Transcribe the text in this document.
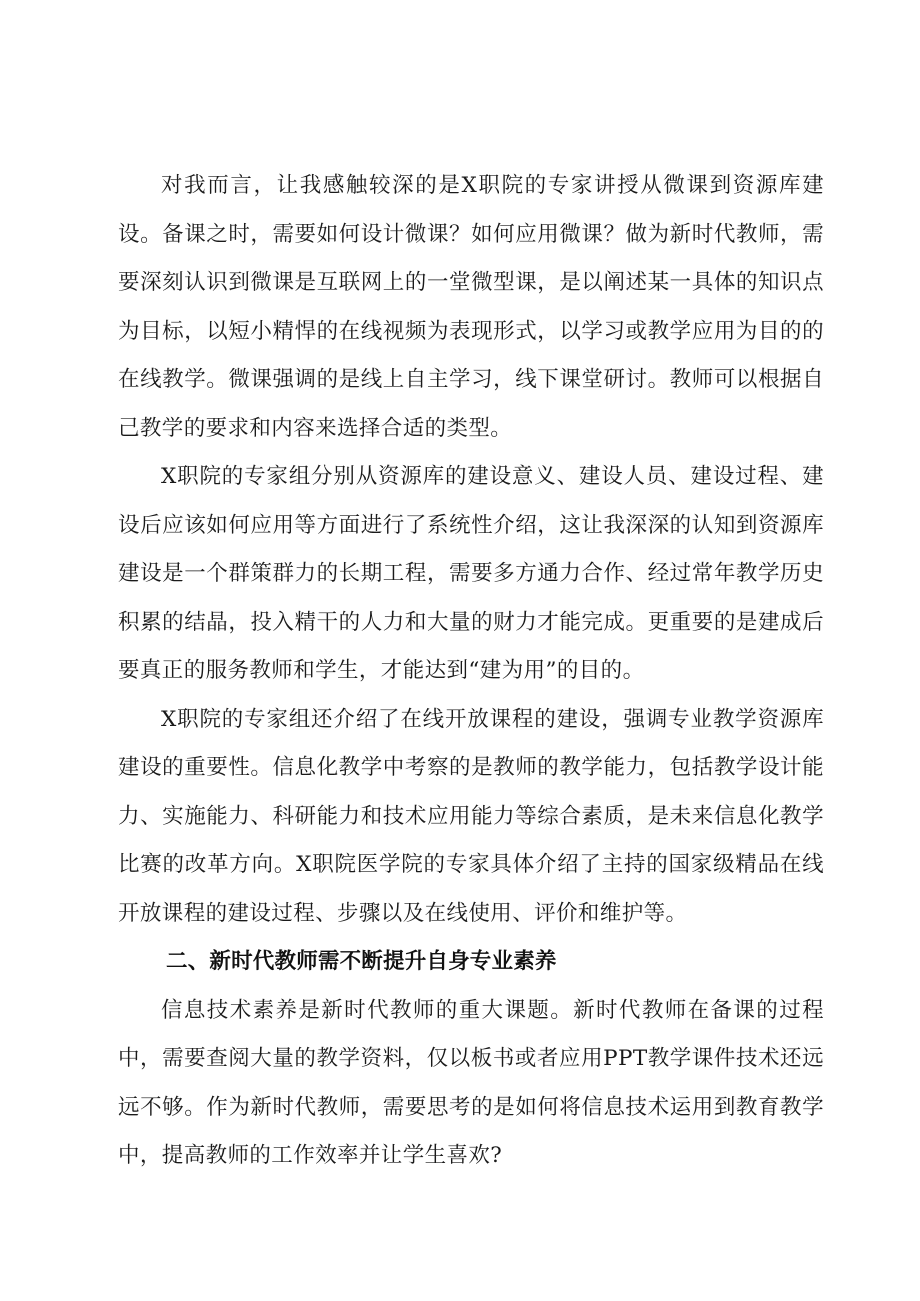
对我而言，让我感触较深的是X职院的专家讲授从微课到资源库建设。备课之时，需要如何设计微课？如何应用微课？做为新时代教师，需要深刻认识到微课是互联网上的一堂微型课，是以阐述某一具体的知识点为目标，以短小精悍的在线视频为表现形式，以学习或教学应用为目的的在线教学。微课强调的是线上自主学习，线下课堂研讨。教师可以根据自己教学的要求和内容来选择合适的类型。

X职院的专家组分别从资源库的建设意义、建设人员、建设过程、建设后应该如何应用等方面进行了系统性介绍，这让我深深的认知到资源库建设是一个群策群力的长期工程，需要多方通力合作、经过常年教学历史积累的结晶，投入精干的人力和大量的财力才能完成。更重要的是建成后要真正的服务教师和学生，才能达到“建为用”的目的。

X职院的专家组还介绍了在线开放课程的建设，强调专业教学资源库建设的重要性。信息化教学中考察的是教师的教学能力，包括教学设计能力、实施能力、科研能力和技术应用能力等综合素质，是未来信息化教学比赛的改革方向。X职院医学院的专家具体介绍了主持的国家级精品在线开放课程的建设过程、步骤以及在线使用、评价和维护等。

二、新时代教师需不断提升自身专业素养

信息技术素养是新时代教师的重大课题。新时代教师在备课的过程中，需要查阅大量的教学资料，仅以板书或者应用PPT教学课件技术还远远不够。作为新时代教师，需要思考的是如何将信息技术运用到教育教学中，提高教师的工作效率并让学生喜欢?
